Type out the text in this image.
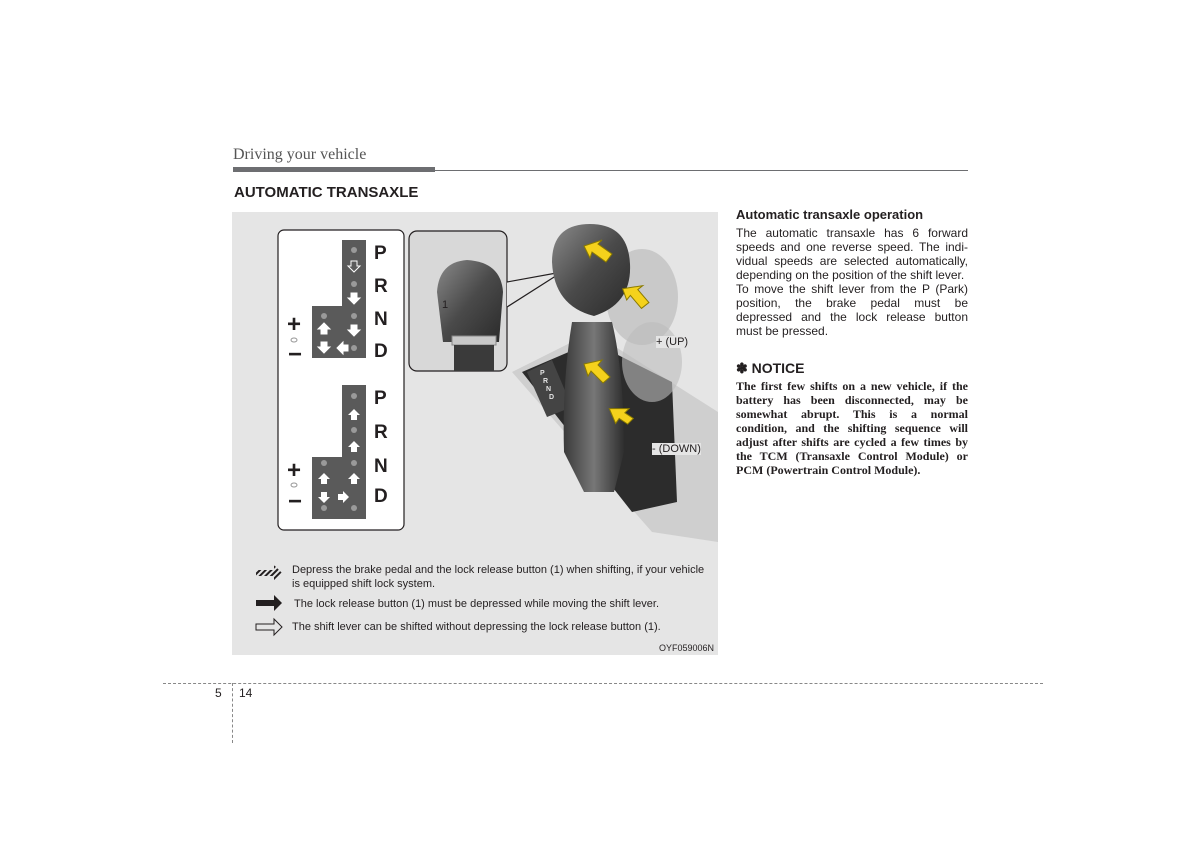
Driving your vehicle
AUTOMATIC TRANSAXLE
P
R
N
D
+
−
P
R
N
D
+
−
1
P
R
N
D
+ (UP)
- (DOWN)
Depress the brake pedal and the lock release button (1) when shifting, if your vehicle is equipped shift lock system.
The lock release button (1) must be depressed while moving the shift lever.
The shift lever can be shifted without depressing the lock release button (1).
OYF059006N
Automatic transaxle operation

The automatic transaxle has 6 forward speeds and one reverse speed. The indi-vidual speeds are selected automatically, depending on the position of the shift lever.

To move the shift lever from the P (Park) position, the brake pedal must be depressed and the lock release button must be pressed.

✽ NOTICE

The first few shifts on a new vehicle, if the battery has been disconnected, may be somewhat abrupt. This is a normal condition, and the shifting sequence will adjust after shifts are cycled a few times by the TCM (Transaxle Control Module) or PCM (Powertrain Control Module).

5 14
